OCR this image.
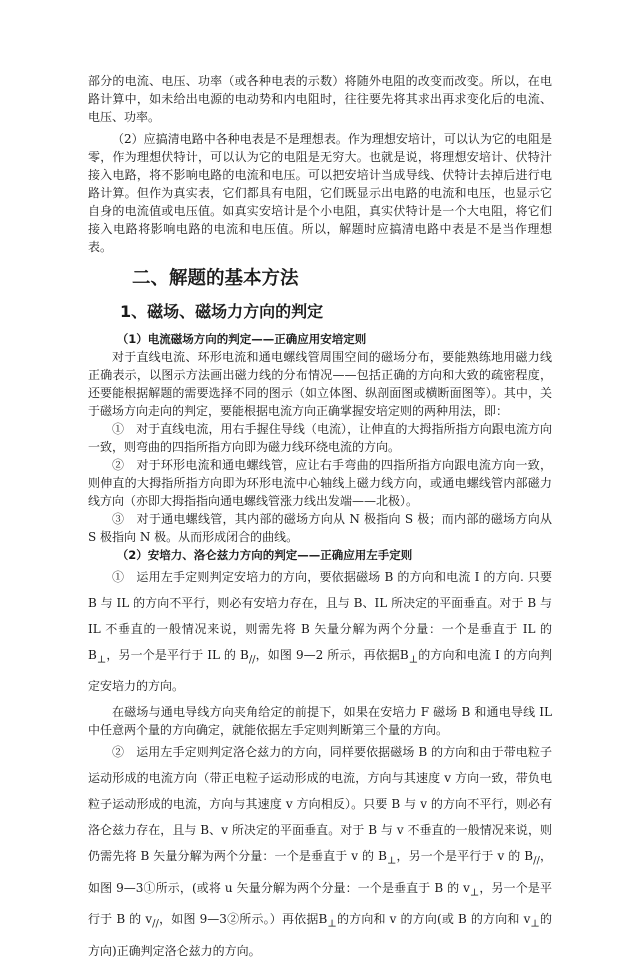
部分的电流、电压、功率（或各种电表的示数）将随外电阻的改变而改变。所以，在电路计算中，如未给出电源的电动势和内电阻时，往往要先将其求出再求变化后的电流、电压、功率。

（2）应搞清电路中各种电表是不是理想表。作为理想安培计，可以认为它的电阻是零，作为理想伏特计，可以认为它的电阻是无穷大。也就是说，将理想安培计、伏特汁接入电路，将不影响电路的电流和电压。可以把安培计当成导线、伏特计去掉后进行电路计算。但作为真实表，它们都具有电阻，它们既显示出电路的电流和电压，也显示它自身的电流值或电压值。如真实安培计是个小电阻，真实伏特计是一个大电阻，将它们接入电路将影响电路的电流和电压值。所以，解题时应搞清电路中表是不是当作理想表。

二、解题的基本方法
1、磁场、磁场力方向的判定
（1）电流磁场方向的判定——正确应用安培定则

对于直线电流、环形电流和通电螺线管周围空间的磁场分布，要能熟练地用磁力线正确表示，以图示方法画出磁力线的分布情况——包括正确的方向和大致的疏密程度，还要能根据解题的需要选择不同的图示（如立体图、纵剖面图或横断面图等）。其中，关于磁场方向走向的判定，要能根据电流方向正确掌握安培定则的两种用法，即：

①　对于直线电流，用右手握住导线（电流），让伸直的大拇指所指方向跟电流方向一致，则弯曲的四指所指方向即为磁力线环绕电流的方向。

②　对于环形电流和通电螺线管，应让右手弯曲的四指所指方向跟电流方向一致，则伸直的大拇指所指方向即为环形电流中心轴线上磁力线方向，或通电螺线管内部磁力线方向（亦即大拇指指向通电螺线管涨力线出发端——北极）。

③　对于通电螺线管，其内部的磁场方向从 N 极指向 S 极；而内部的磁场方向从 S 极指向 N 极。从而形成闭合的曲线。

（2）安培力、洛仑兹力方向的判定——正确应用左手定则

①　运用左手定则判定安培力的方向，要依据磁场 B 的方向和电流 I 的方向. 只要 B 与 IL 的方向不平行，则必有安培力存在，且与 B、IL 所决定的平面垂直。对于 B 与 IL 不垂直的一般情况来说，则需先将 B 矢量分解为两个分量：一个是垂直于 IL 的$B_\perp$，另一个是平行于 IL 的 $B_{//}$，如图 9—2 所示，再依据$B_\perp$的方向和电流 I 的方向判定安培力的方向。

在磁场与通电导线方向夹角给定的前提下，如果在安培力 F 磁场 B 和通电导线 IL 中任意两个量的方向确定，就能依据左手定则判断第三个量的方向。

②　运用左手定则判定洛仑兹力的方向，同样要依据磁场 B 的方向和由于带电粒子运动形成的电流方向（带正电粒子运动形成的电流，方向与其速度 v 方向一致，带负电粒子运动形成的电流，方向与其速度 v 方向相反）。只要 B 与 v 的方向不平行，则必有洛仑兹力存在，且与 B、v 所决定的平面垂直。对于 B 与 v 不垂直的一般情况来说，则仍需先将 B 矢量分解为两个分量：一个是垂直于 v 的 $B_\perp$，另一个是平行于 v 的 $B_{//}$，如图 9—3①所示，(或将 u 矢量分解为两个分量：一个是垂直于 B 的 $v_\perp$，另一个是平行于 B 的 $v_{//}$，如图 9—3②所示。）再依据$B_\perp$的方向和 v 的方向(或 B 的方向和 $v_\perp$的方向)正确判定洛仑兹力的方向。
